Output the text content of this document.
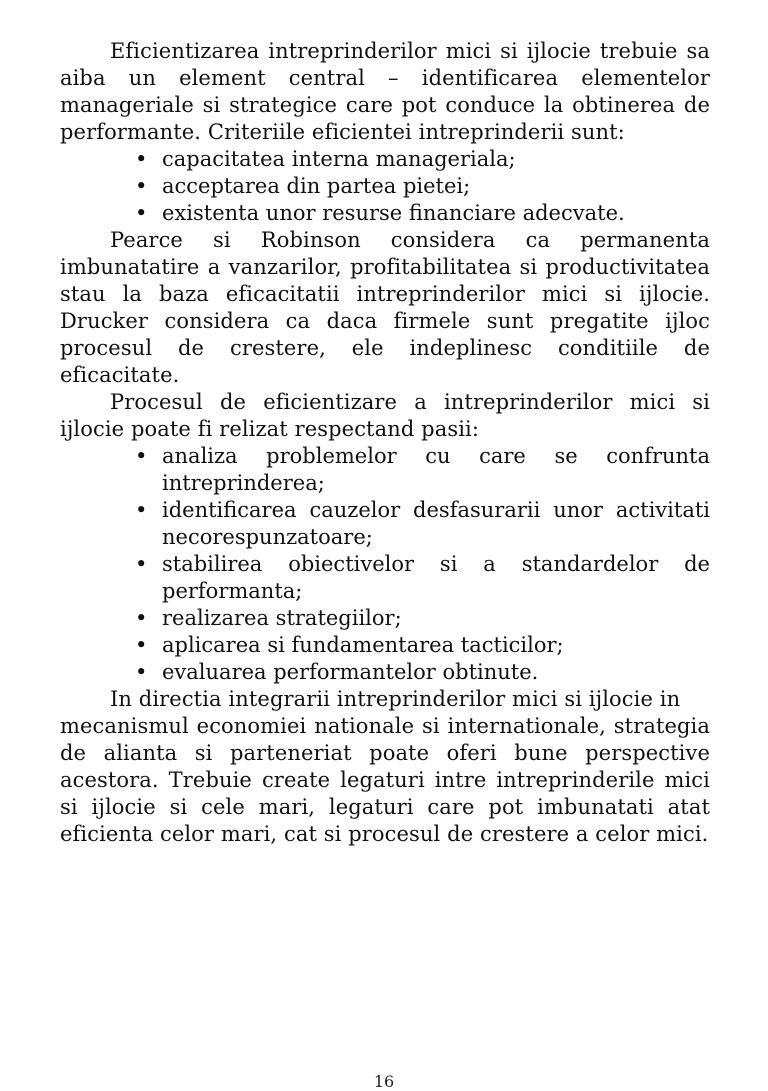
Eficientizarea intreprinderilor mici si ijlocie trebuie sa aiba un element central – identificarea elementelor manageriale si strategice care pot conduce la obtinerea de performante. Criteriile eficientei intreprinderii sunt:

• capacitatea interna manageriala;
• acceptarea din partea pietei;
• existenta unor resurse financiare adecvate.

Pearce si Robinson considera ca permanenta imbunatatire a vanzarilor, profitabilitatea si productivitatea stau la baza eficacitatii intreprinderilor mici si ijlocie. Drucker considera ca daca firmele sunt pregatite ijloc procesul de crestere, ele indeplinesc conditiile de eficacitate.

Procesul de eficientizare a intreprinderilor mici si ijlocie poate fi relizat respectand pasii:

• analiza problemelor cu care se confrunta intreprinderea;
• identificarea cauzelor desfasurarii unor activitati necorespunzatoare;
• stabilirea obiectivelor si a standardelor de performanta;
• realizarea strategiilor;
• aplicarea si fundamentarea tacticilor;
• evaluarea performantelor obtinute.

In directia integrarii intreprinderilor mici si ijlocie in

mecanismul economiei nationale si internationale, strategia de alianta si parteneriat poate oferi bune perspective acestora. Trebuie create legaturi intre intreprinderile mici si ijlocie si cele mari, legaturi care pot imbunatati atat eficienta celor mari, cat si procesul de crestere a celor mici.

16
